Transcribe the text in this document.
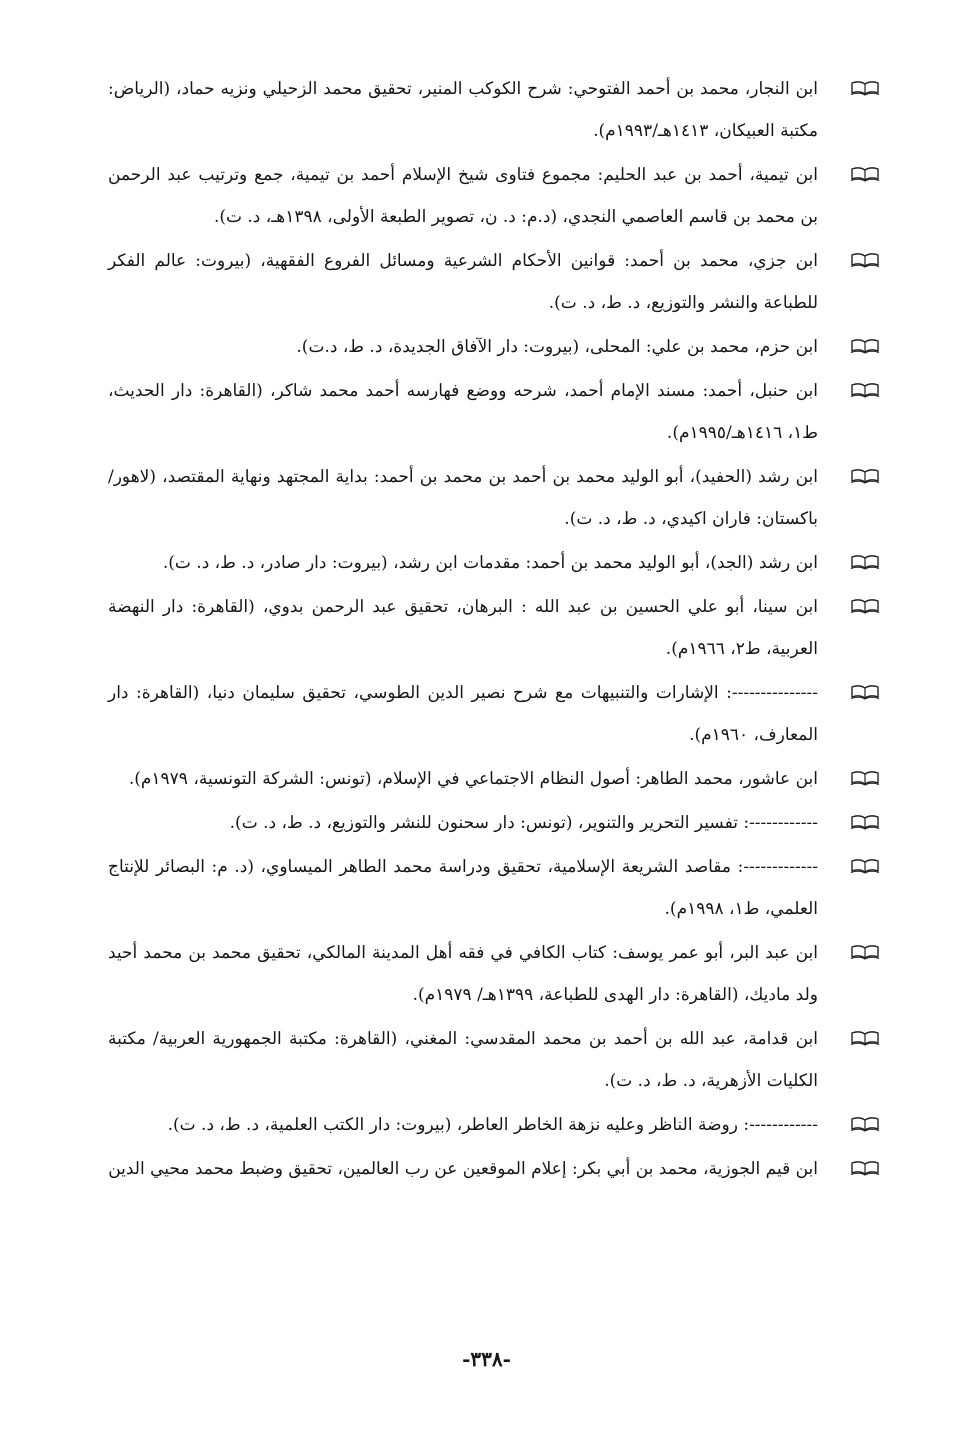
ابن النجار، محمد بن أحمد الفتوحي: شرح الكوكب المنير، تحقيق محمد الزحيلي ونزيه حماد، (الرياض: مكتبة العبيكان، ١٤١٣هـ/١٩٩٣م).
ابن تيمية، أحمد بن عبد الحليم: مجموع فتاوى شيخ الإسلام أحمد بن تيمية، جمع وترتيب عبد الرحمن بن محمد بن قاسم العاصمي النجدي، (د.م: د. ن، تصوير الطبعة الأولى، ١٣٩٨هـ، د. ت).
ابن جزي، محمد بن أحمد: قوانين الأحكام الشرعية ومسائل الفروع الفقهية، (بيروت: عالم الفكر للطباعة والنشر والتوزيع، د. ط، د. ت).
ابن حزم، محمد بن علي: المحلى، (بيروت: دار الآفاق الجديدة، د. ط، د.ت).
ابن حنبل، أحمد: مسند الإمام أحمد، شرحه ووضع فهارسه أحمد محمد شاكر، (القاهرة: دار الحديث، ط١، ١٤١٦هـ/١٩٩٥م).
ابن رشد (الحفيد)، أبو الوليد محمد بن أحمد بن محمد بن أحمد: بداية المجتهد ونهاية المقتصد، (لاهور/باكستان: فاران اكيدي، د. ط، د. ت).
ابن رشد (الجد)، أبو الوليد محمد بن أحمد: مقدمات ابن رشد، (بيروت: دار صادر، د. ط، د. ت).
ابن سينا، أبو علي الحسين بن عبد الله : البرهان، تحقيق عبد الرحمن بدوي، (القاهرة: دار النهضة العربية، ط٢، ١٩٦٦م).
---------------: الإشارات والتنبيهات مع شرح نصير الدين الطوسي، تحقيق سليمان دنيا، (القاهرة: دار المعارف، ١٩٦٠م).
ابن عاشور، محمد الطاهر: أصول النظام الاجتماعي في الإسلام، (تونس: الشركة التونسية، ١٩٧٩م).
------------: تفسير التحرير والتنوير، (تونس: دار سحنون للنشر والتوزيع، د. ط، د. ت).
-------------: مقاصد الشريعة الإسلامية، تحقيق ودراسة محمد الطاهر الميساوي، (د. م: البصائر للإنتاج العلمي، ط١، ١٩٩٨م).
ابن عبد البر، أبو عمر يوسف: كتاب الكافي في فقه أهل المدينة المالكي، تحقيق محمد بن محمد أحيد ولد ماديك، (القاهرة: دار الهدى للطباعة، ١٣٩٩هـ/ ١٩٧٩م).
ابن قدامة، عبد الله بن أحمد بن محمد المقدسي: المغني، (القاهرة: مكتبة الجمهورية العربية/ مكتبة الكليات الأزهرية، د. ط، د. ت).
------------: روضة الناظر وعليه نزهة الخاطر العاطر، (بيروت: دار الكتب العلمية، د. ط، د. ت).
ابن قيم الجوزية، محمد بن أبي بكر: إعلام الموقعين عن رب العالمين، تحقيق وضبط محمد محيي الدين
-٣٣٨-
